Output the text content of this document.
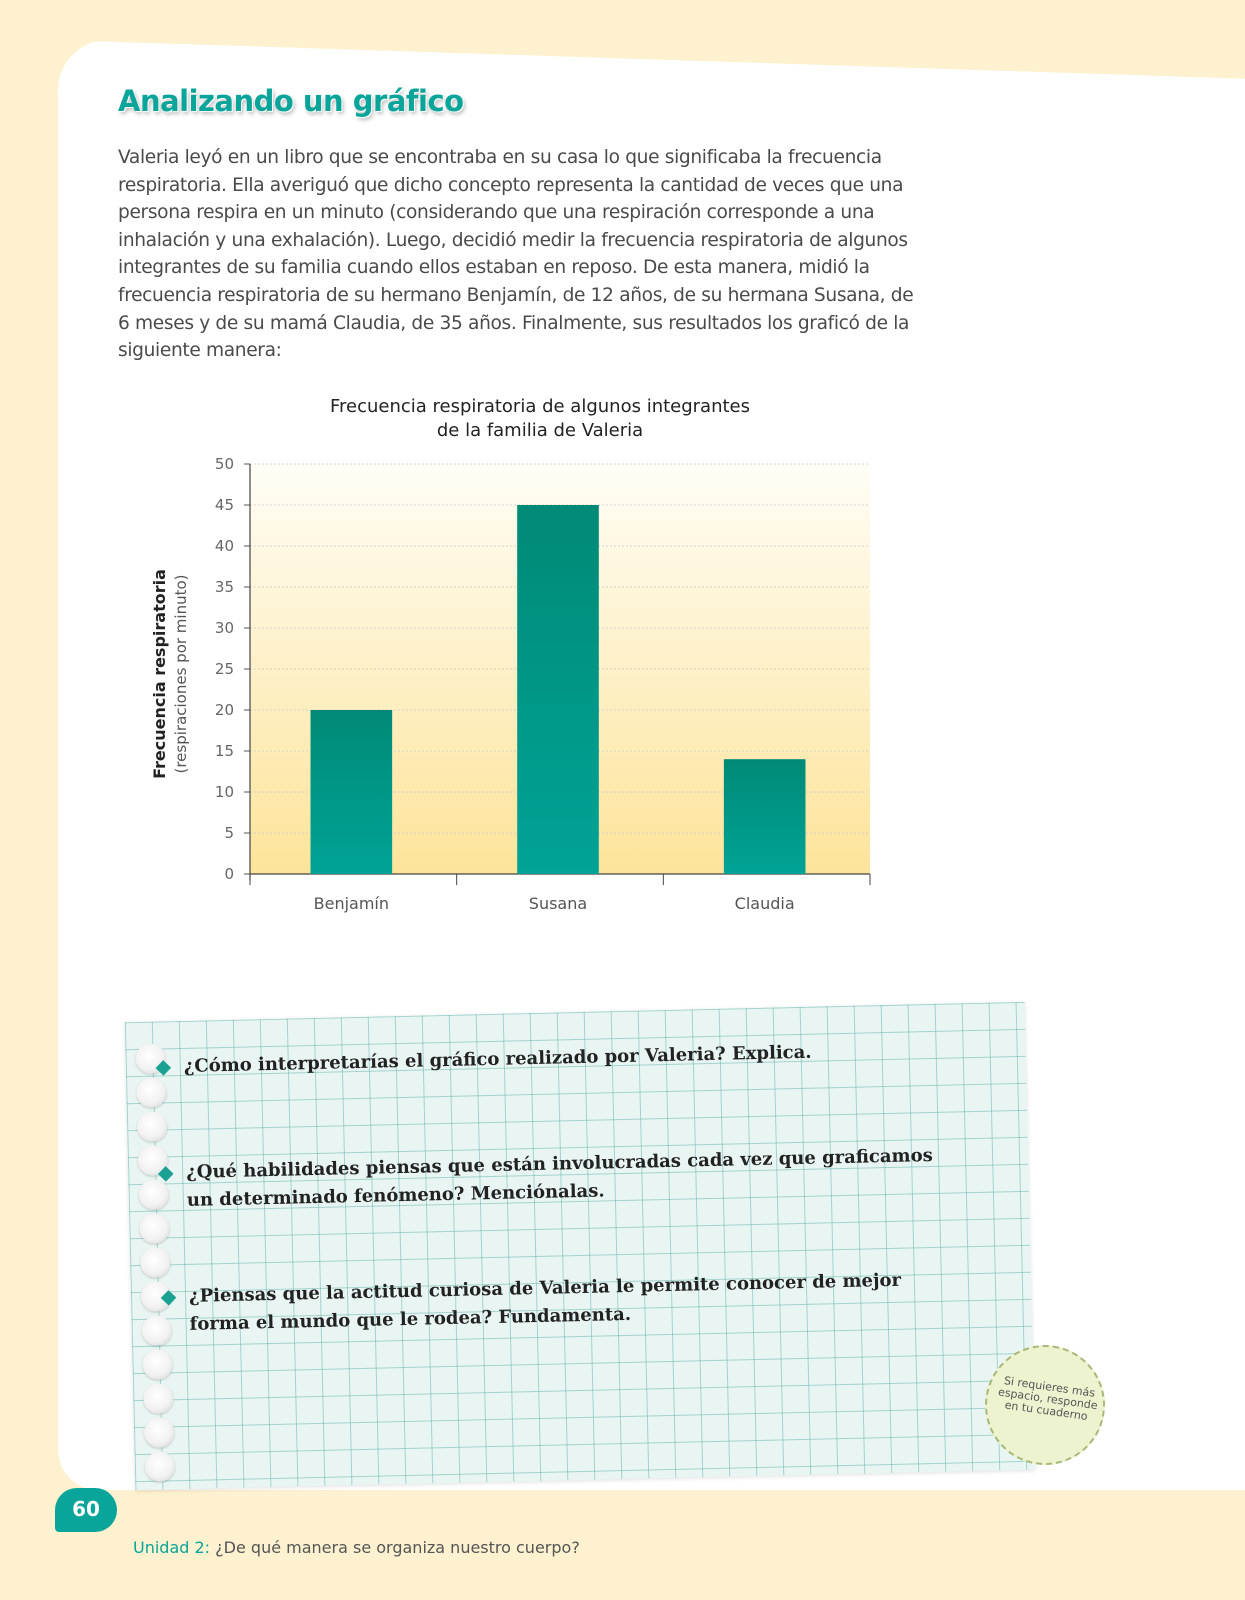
Analizando un gráfico

Valeria leyó en un libro que se encontraba en su casa lo que significaba la frecuencia respiratoria. Ella averiguó que dicho concepto representa la cantidad de veces que una persona respira en un minuto (considerando que una respiración corresponde a una inhalación y una exhalación). Luego, decidió medir la frecuencia respiratoria de algunos integrantes de su familia cuando ellos estaban en reposo. De esta manera, midió la frecuencia respiratoria de su hermano Benjamín, de 12 años, de su hermana Susana, de 6 meses y de su mamá Claudia, de 35 años. Finalmente, sus resultados los graficó de la siguiente manera:

0
5
10
15
20
25
30
35
40
45
50
Benjamín	Susana	Claudia
Frecuencia respiratoria de algunos integrantes
de la familia de Valeria
Frecuencia respiratoria (respiraciones por minuto)
¿Cómo interpretarías el gráfico realizado por Valeria? Explica.
¿Qué habilidades piensas que están involucradas cada vez que graficamos un determinado fenómeno? Menciónalas.
¿Piensas que la actitud curiosa de Valeria le permite conocer de mejor forma el mundo que le rodea? Fundamenta.
Si requieres más espacio, responde en tu cuaderno
60
Unidad 2: ¿De qué manera se organiza nuestro cuerpo?
